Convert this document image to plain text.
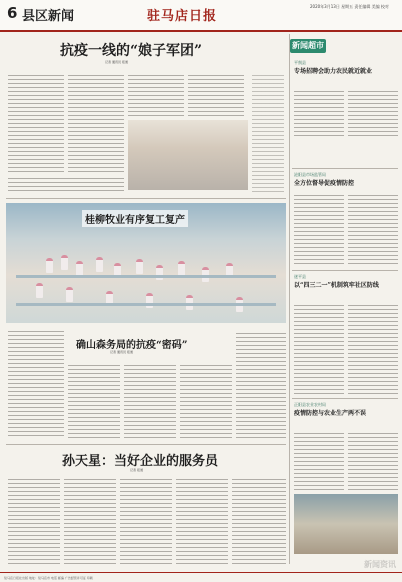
6 县区新闻	驻马店日报
2020年3月13日 星期五 责任编辑 美编 校对
抗疫一线的“娘子军团”
记者 通讯员 报道
桂柳牧业有序复工复产
确山森务局的抗疫“密码”
记者 通讯员 报道
孙天星：当好企业的服务员
记者 报道
新闻超市
平舆县
专场招聘会助力农民就近就业
泌阳县市场监管局
全方位督导促疫情防控
遂平县
以“四三二一”机制筑牢社区防线
正阳县农业农村局
疫情防控与农业生产两不误
驻马店日报社出版 地址：驻马店市 电话 邮编 广告经营许可证 印刷
新闻资讯
